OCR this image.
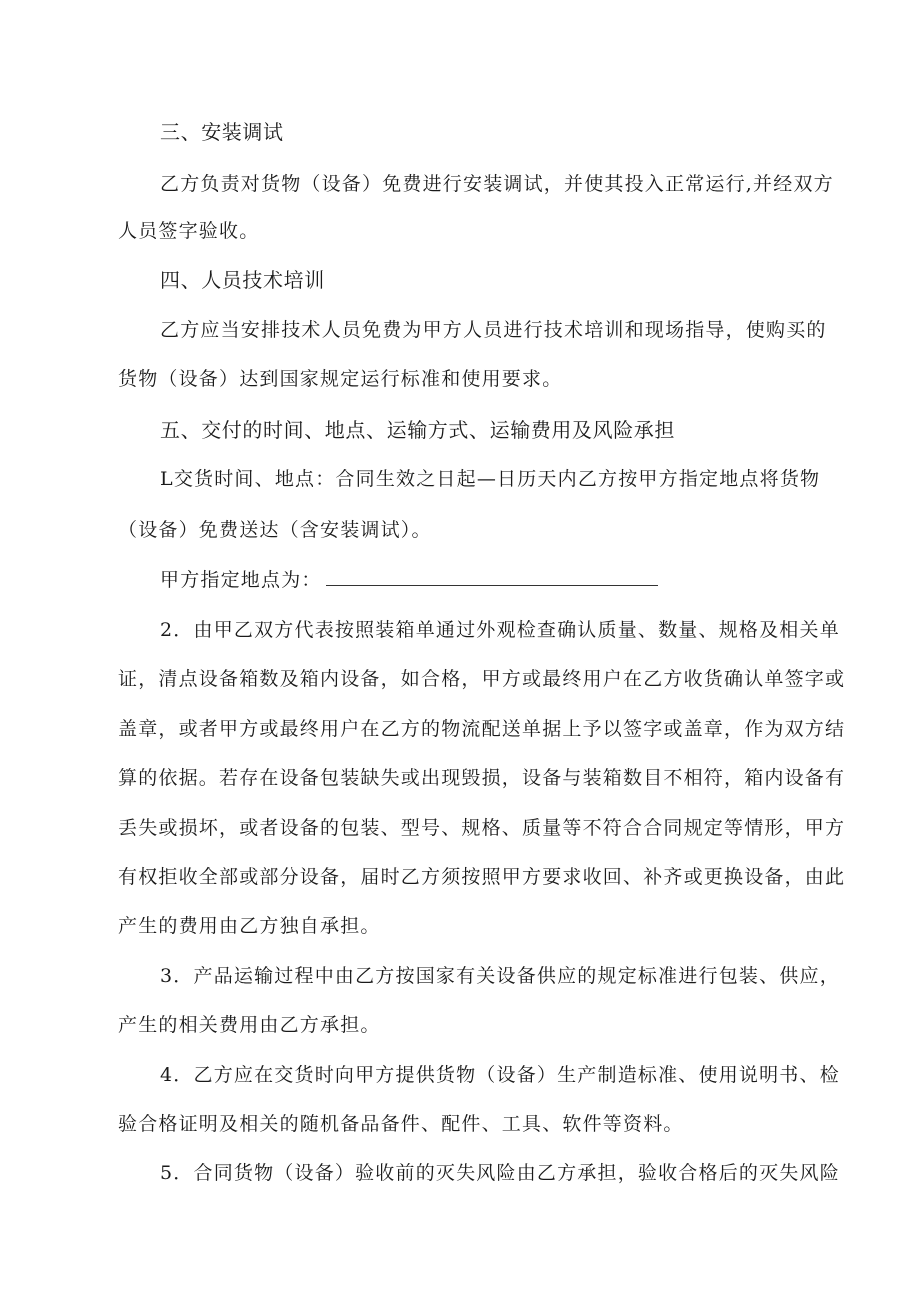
三、安装调试
乙方负责对货物（设备）免费进行安装调试，并使其投入正常运行,并经双方
人员签字验收。
四、人员技术培训
乙方应当安排技术人员免费为甲方人员进行技术培训和现场指导，使购买的
货物（设备）达到国家规定运行标准和使用要求。
五、交付的时间、地点、运输方式、运输费用及风险承担
L交货时间、地点：合同生效之日起—日历天内乙方按甲方指定地点将货物
（设备）免费送达（含安装调试）。
甲方指定地点为：
2．由甲乙双方代表按照装箱单通过外观检查确认质量、数量、规格及相关单
证，清点设备箱数及箱内设备，如合格，甲方或最终用户在乙方收货确认单签字或
盖章，或者甲方或最终用户在乙方的物流配送单据上予以签字或盖章，作为双方结
算的依据。若存在设备包装缺失或出现毁损，设备与装箱数目不相符，箱内设备有
丢失或损坏，或者设备的包装、型号、规格、质量等不符合合同规定等情形，甲方
有权拒收全部或部分设备，届时乙方须按照甲方要求收回、补齐或更换设备，由此
产生的费用由乙方独自承担。
3．产品运输过程中由乙方按国家有关设备供应的规定标准进行包装、供应，
产生的相关费用由乙方承担。
4．乙方应在交货时向甲方提供货物（设备）生产制造标准、使用说明书、检
验合格证明及相关的随机备品备件、配件、工具、软件等资料。
5．合同货物（设备）验收前的灭失风险由乙方承担，验收合格后的灭失风险
